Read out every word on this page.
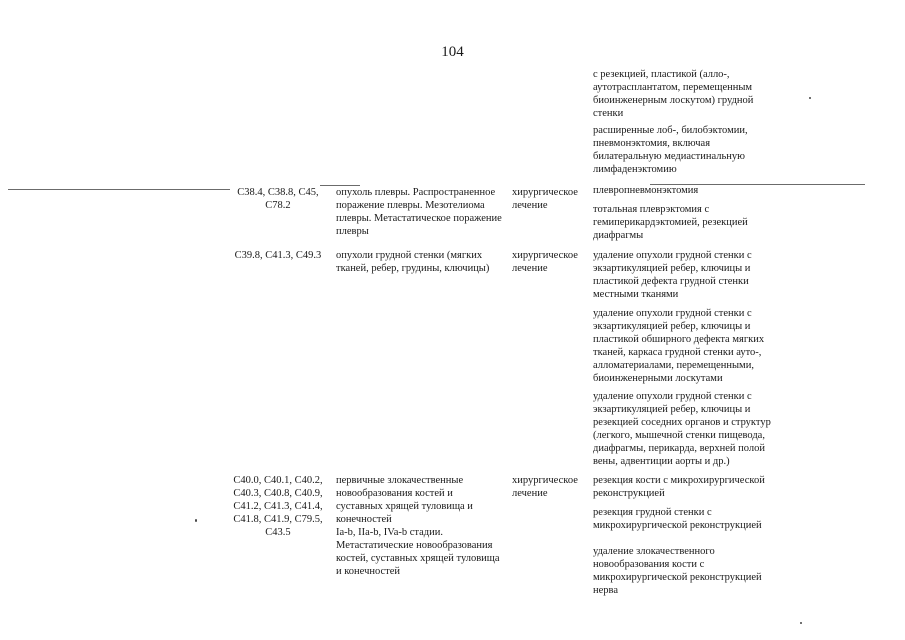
104
с резекцией, пластикой (алло-,
аутотрасплантатом, перемещенным
биоинженерным лоскутом) грудной
стенки
расширенные лоб-, билобэктомии,
пневмонэктомия, включая
билатеральную медиастинальную
лимфаденэктомию
C38.4, C38.8, C45,
C78.2
опухоль плевры. Распространенное
поражение плевры. Мезотелиома
плевры. Метастатическое поражение
плевры
хирургическое
лечение
плевропневмонэктомия
тотальная плеврэктомия с
гемиперикардэктомией, резекцией
диафрагмы
C39.8, C41.3, C49.3	опухоли грудной стенки (мягких
тканей, ребер, грудины, ключицы)
хирургическое
лечение
удаление опухоли грудной стенки с
экзартикуляцией ребер, ключицы и
пластикой дефекта грудной стенки
местными тканями
удаление опухоли грудной стенки с
экзартикуляцией ребер, ключицы и
пластикой обширного дефекта мягких
тканей, каркаса грудной стенки ауто-,
алломатериалами, перемещенными,
биоинженерными лоскутами
удаление опухоли грудной стенки с
экзартикуляцией ребер, ключицы и
резекцией соседних органов и структур
(легкого, мышечной стенки пищевода,
диафрагмы, перикарда, верхней полой
вены, адвентиции аорты и др.)
C40.0, C40.1, C40.2,
C40.3, C40.8, C40.9,
C41.2, C41.3, C41.4,
C41.8, C41.9, C79.5,
C43.5
первичные злокачественные
новообразования костей и
суставных хрящей туловища и
конечностей
Ia-b, IIa-b, IVa-b стадии.
Метастатические новообразования
костей, суставных хрящей туловища
и конечностей
хирургическое
лечение
резекция кости с микрохирургической
реконструкцией
резекция грудной стенки с
микрохирургической реконструкцией
удаление злокачественного
новообразования кости с
микрохирургической реконструкцией
нерва
